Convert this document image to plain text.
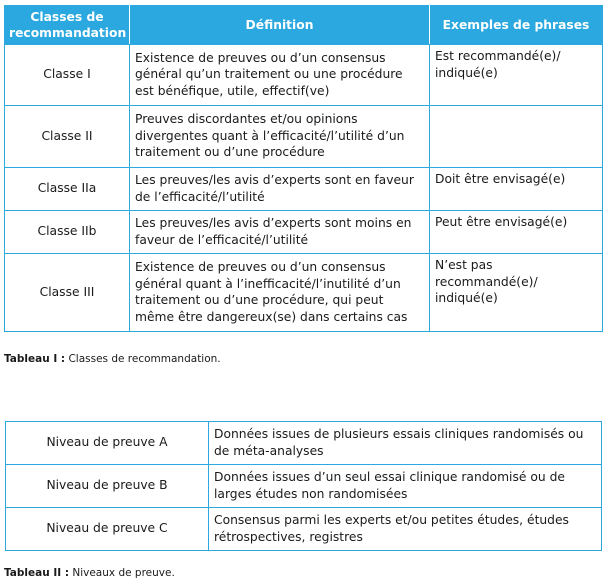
Classes de recommandation	Définition	Exemples de phrases
Classe I	Existence de preuves ou d’un consensus général qu’un traitement ou une procédure est bénéfique, utile, effectif(ve)	Est recommandé(e)/ indiqué(e)
Classe II	Preuves discordantes et/ou opinions divergentes quant à l’efficacité/l’utilité d’un traitement ou d’une procédure	
Classe IIa	Les preuves/les avis d’experts sont en faveur de l’efficacité/l’utilité	Doit être envisagé(e)
Classe IIb	Les preuves/les avis d’experts sont moins en faveur de l’efficacité/l’utilité	Peut être envisagé(e)
Classe III	Existence de preuves ou d’un consensus général quant à l’inefficacité/l’inutilité d’un traitement ou d’une procédure, qui peut même être dangereux(se) dans certains cas	N’est pas recommandé(e)/ indiqué(e)
Tableau I : Classes de recommandation.
Niveau de preuve A	Données issues de plusieurs essais cliniques randomisés ou de méta-analyses
Niveau de preuve B	Données issues d’un seul essai clinique randomisé ou de larges études non randomisées
Niveau de preuve C	Consensus parmi les experts et/ou petites études, études rétrospectives, registres
Tableau II : Niveaux de preuve.
